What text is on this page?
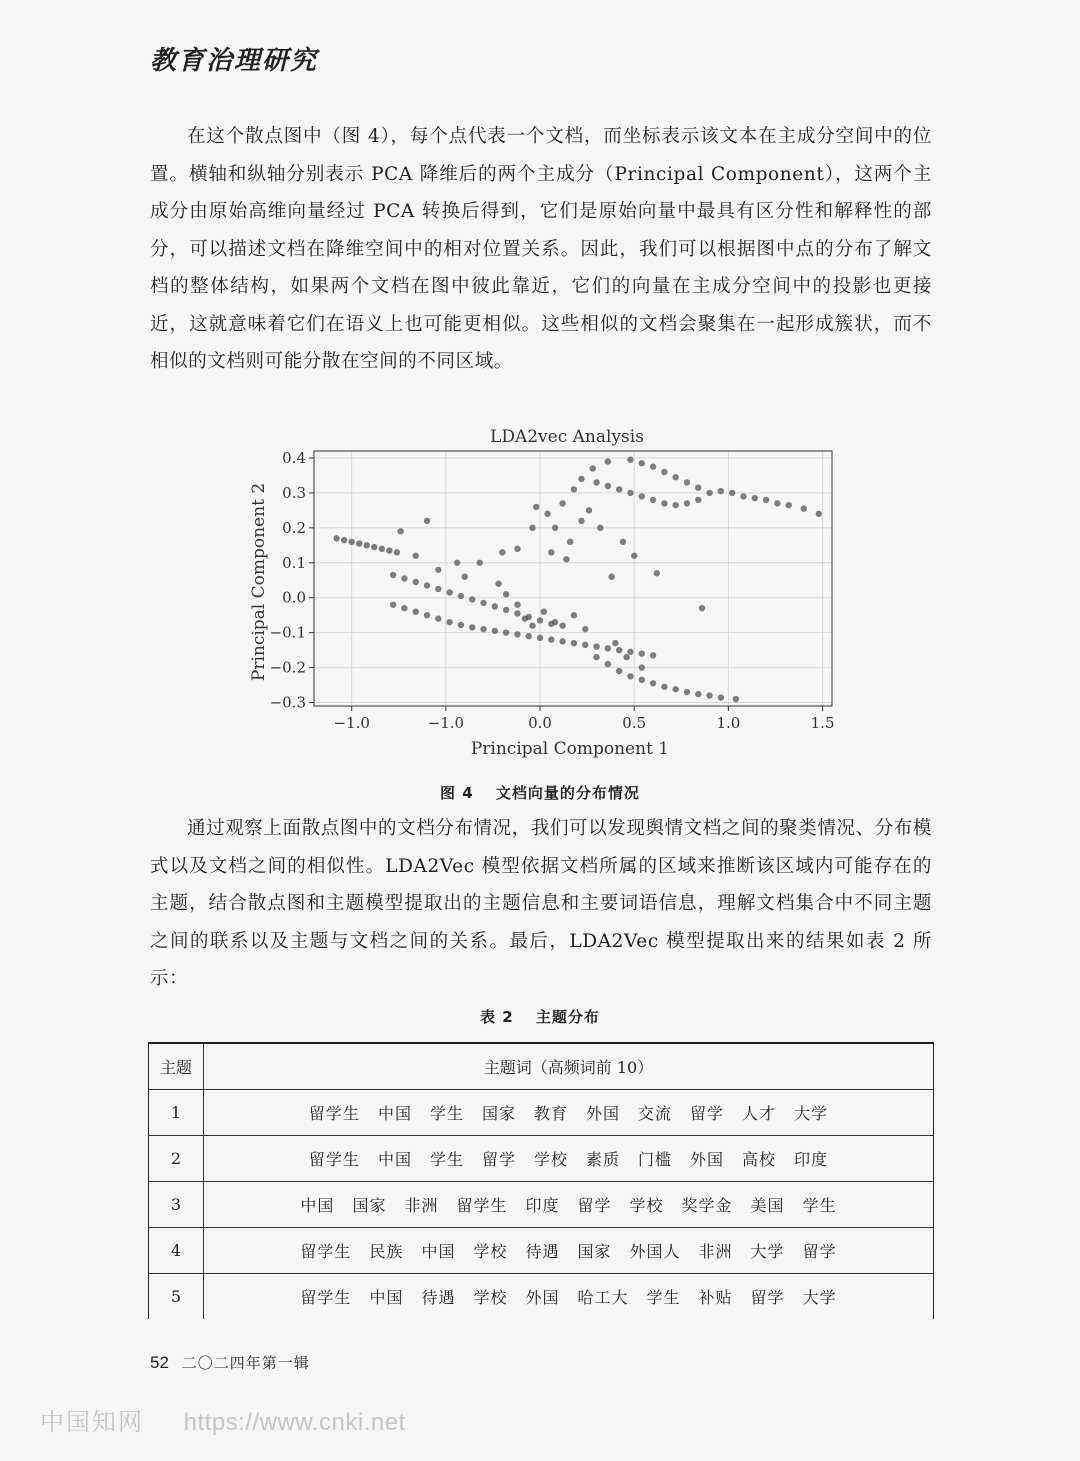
教育治理研究

在这个散点图中（图 4），每个点代表一个文档，而坐标表示该文本在主成分空间中的位置。横轴和纵轴分别表示 PCA 降维后的两个主成分（Principal Component），这两个主成分由原始高维向量经过 PCA 转换后得到，它们是原始向量中最具有区分性和解释性的部分，可以描述文档在降维空间中的相对位置关系。因此，我们可以根据图中点的分布了解文档的整体结构，如果两个文档在图中彼此靠近，它们的向量在主成分空间中的投影也更接近，这就意味着它们在语义上也可能更相似。这些相似的文档会聚集在一起形成簇状，而不相似的文档则可能分散在空间的不同区域。

LDA2vec Analysis
−1.0	−1.0	0.0	0.5	1.0	1.5
0.4
0.3
0.2
0.1
0.0
−0.1
−0.2
−0.3
Principal Component 1
Principal Component 2
图 4　 文档向量的分布情况

通过观察上面散点图中的文档分布情况，我们可以发现舆情文档之间的聚类情况、分布模式以及文档之间的相似性。LDA2Vec 模型依据文档所属的区域来推断该区域内可能存在的主题，结合散点图和主题模型提取出的主题信息和主要词语信息，理解文档集合中不同主题之间的联系以及主题与文档之间的关系。最后，LDA2Vec 模型提取出来的结果如表 2 所示：

表 2　 主题分布
主题	主题词（高频词前 10）
1	留学生 中国 学生 国家 教育 外国 交流 留学 人才 大学
2	留学生 中国 学生 留学 学校 素质 门槛 外国 高校 印度
3	中国 国家 非洲 留学生 印度 留学 学校 奖学金 美国 学生
4	留学生 民族 中国 学校 待遇 国家 外国人 非洲 大学 留学
5	留学生 中国 待遇 学校 外国 哈工大 学生 补贴 留学 大学
52 二〇二四年第一辑
中国知网 https://www.cnki.net
